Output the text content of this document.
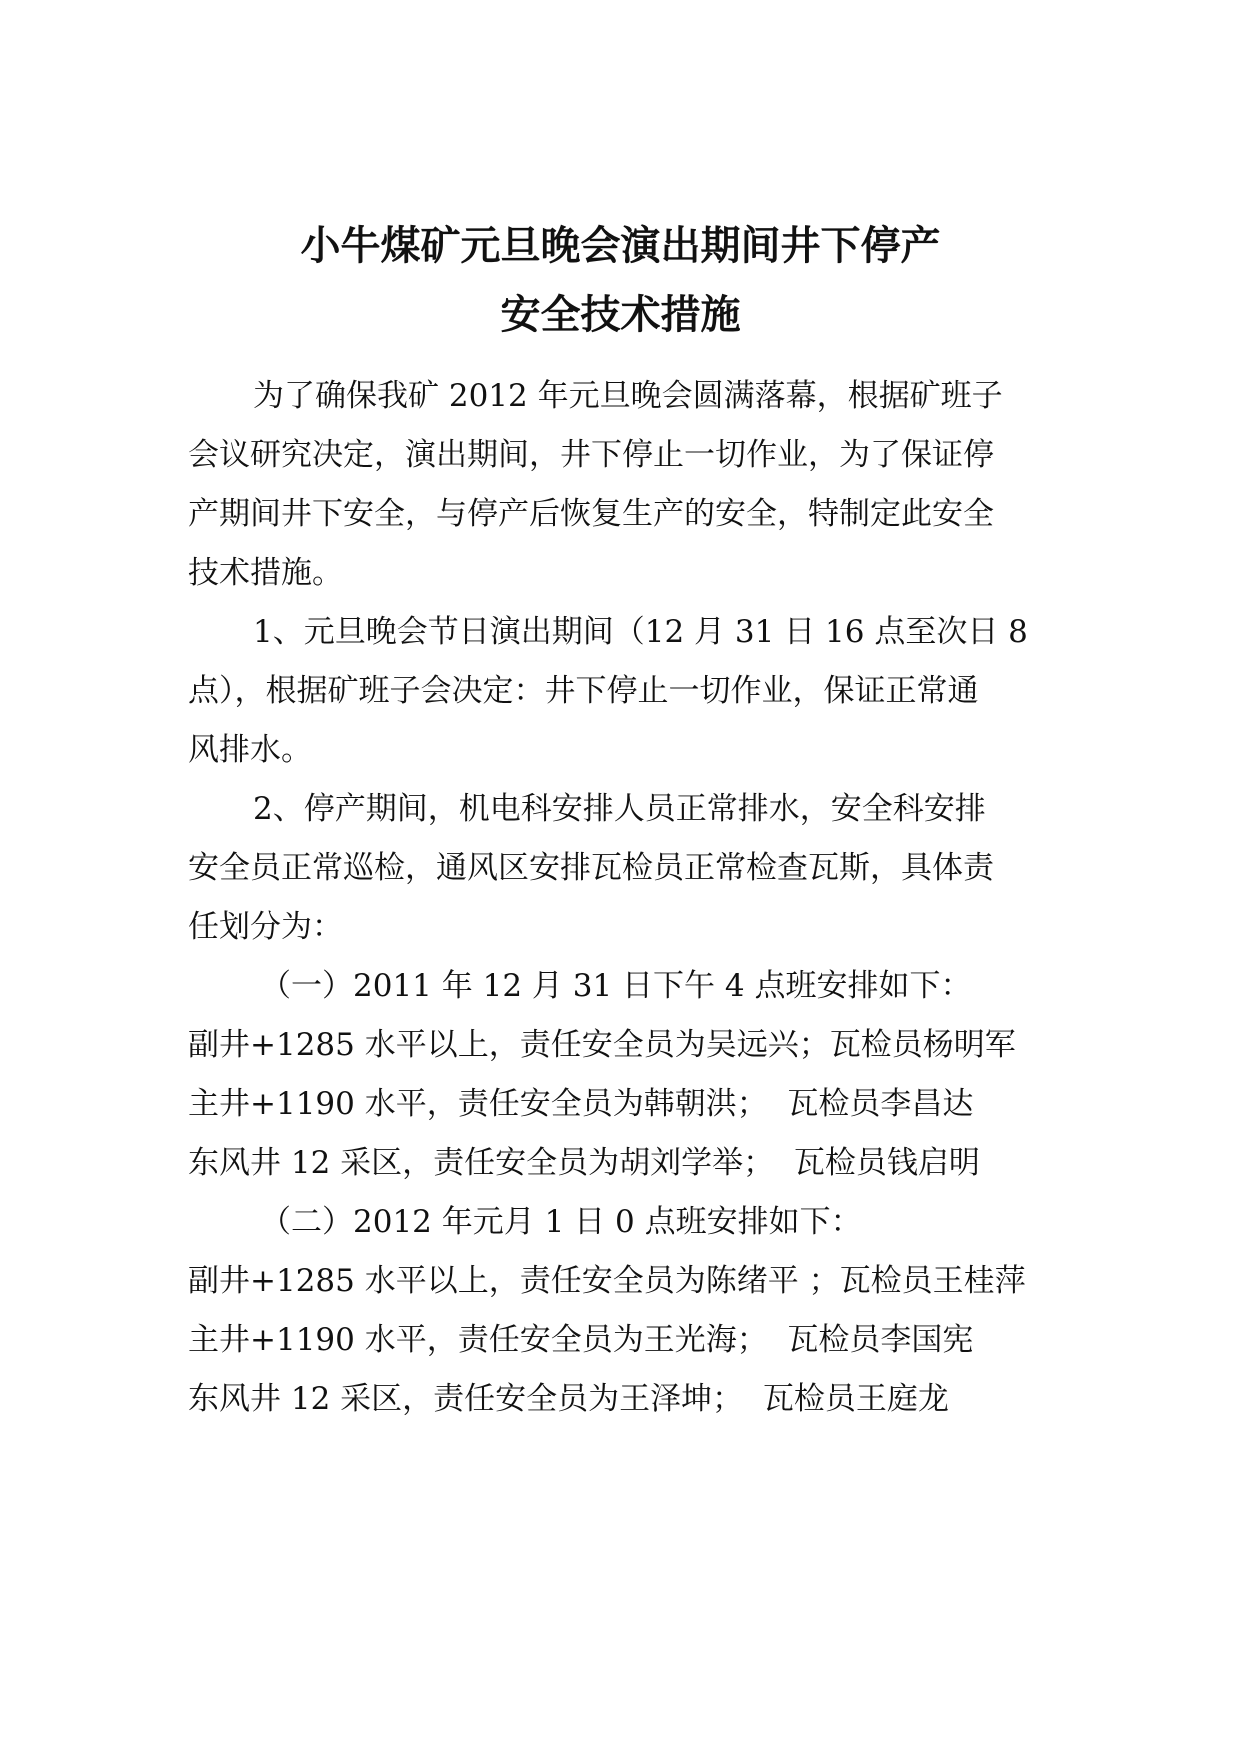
小牛煤矿元旦晚会演出期间井下停产
安全技术措施
为了确保我矿 2012 年元旦晚会圆满落幕，根据矿班子
会议研究决定，演出期间，井下停止一切作业，为了保证停
产期间井下安全，与停产后恢复生产的安全，特制定此安全
技术措施。
1、元旦晚会节日演出期间（12 月 31 日 16 点至次日 8
点），根据矿班子会决定：井下停止一切作业，保证正常通
风排水。
2、停产期间，机电科安排人员正常排水，安全科安排
安全员正常巡检，通风区安排瓦检员正常检查瓦斯，具体责
任划分为：
（一）2011 年 12 月 31 日下午 4 点班安排如下：
副井+1285 水平以上，责任安全员为吴远兴；瓦检员杨明军
主井+1190 水平，责任安全员为韩朝洪；  瓦检员李昌达
东风井 12 采区，责任安全员为胡刘学举；  瓦检员钱启明
（二）2012 年元月 1 日 0 点班安排如下：
副井+1285 水平以上，责任安全员为陈绪平 ；瓦检员王桂萍
主井+1190 水平，责任安全员为王光海；  瓦检员李国宪
东风井 12 采区，责任安全员为王泽坤；  瓦检员王庭龙
